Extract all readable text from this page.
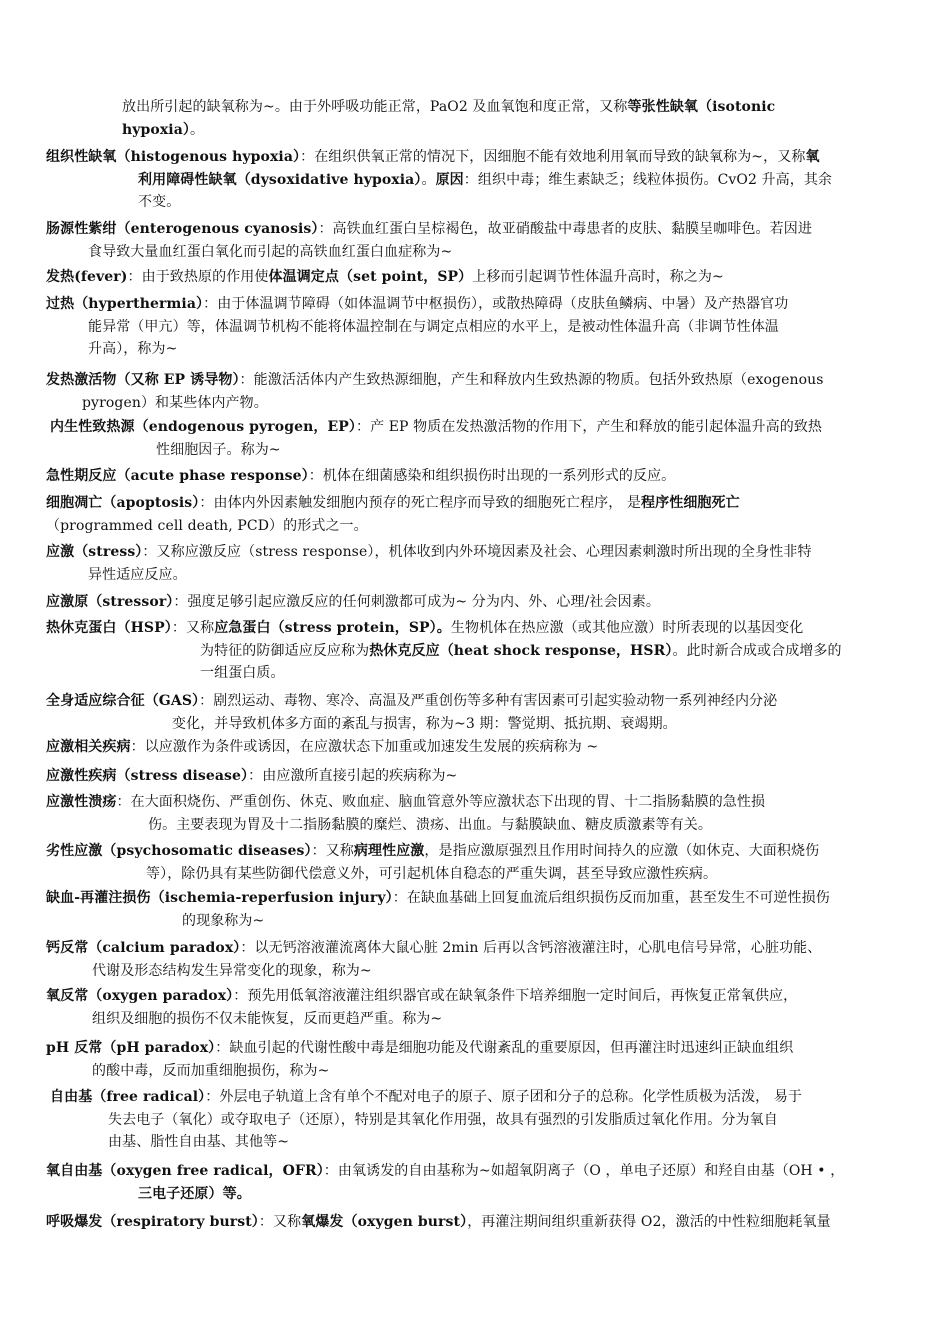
放出所引起的缺氧称为~。由于外呼吸功能正常，PaO2 及血氧饱和度正常，又称等张性缺氧（isotonic
hypoxia）。
组织性缺氧（histogenous hypoxia）：在组织供氧正常的情况下，因细胞不能有效地利用氧而导致的缺氧称为~，又称氧
利用障碍性缺氧（dysoxidative hypoxia）。原因：组织中毒；维生素缺乏；线粒体损伤。CvO2 升高，其余
不变。
肠源性紫绀（enterogenous cyanosis）：高铁血红蛋白呈棕褐色，故亚硝酸盐中毒患者的皮肤、黏膜呈咖啡色。若因进
食导致大量血红蛋白氧化而引起的高铁血红蛋白血症称为~
发热(fever)：由于致热原的作用使体温调定点（set point，SP）上移而引起调节性体温升高时，称之为~
过热（hyperthermia）：由于体温调节障碍（如体温调节中枢损伤），或散热障碍（皮肤鱼鳞病、中暑）及产热器官功
能异常（甲亢）等，体温调节机构不能将体温控制在与调定点相应的水平上，是被动性体温升高（非调节性体温
升高），称为~
发热激活物（又称 EP 诱导物）：能激活活体内产生致热源细胞，产生和释放内生致热源的物质。包括外致热原（exogenous
pyrogen）和某些体内产物。
内生性致热源（endogenous pyrogen，EP）：产 EP 物质在发热激活物的作用下，产生和释放的能引起体温升高的致热
性细胞因子。称为~
急性期反应（acute phase response）：机体在细菌感染和组织损伤时出现的一系列形式的反应。
细胞凋亡（apoptosis）：由体内外因素触发细胞内预存的死亡程序而导致的细胞死亡程序， 是程序性细胞死亡
（programmed cell death, PCD）的形式之一。
应激（stress）：又称应激反应（stress response），机体收到内外环境因素及社会、心理因素刺激时所出现的全身性非特
异性适应反应。
应激原（stressor）：强度足够引起应激反应的任何刺激都可成为~ 分为内、外、心理/社会因素。
热休克蛋白（HSP）：又称应急蛋白（stress protein，SP）。生物机体在热应激（或其他应激）时所表现的以基因变化
为特征的防御适应反应称为热休克反应（heat shock response，HSR）。此时新合成或合成增多的
一组蛋白质。
全身适应综合征（GAS）：剧烈运动、毒物、寒冷、高温及严重创伤等多种有害因素可引起实验动物一系列神经内分泌
变化，并导致机体多方面的紊乱与损害，称为~3 期：警觉期、抵抗期、衰竭期。
应激相关疾病：以应激作为条件或诱因，在应激状态下加重或加速发生发展的疾病称为 ~
应激性疾病（stress disease）：由应激所直接引起的疾病称为~
应激性溃疡：在大面积烧伤、严重创伤、休克、败血症、脑血管意外等应激状态下出现的胃、十二指肠黏膜的急性损
伤。主要表现为胃及十二指肠黏膜的糜烂、溃疡、出血。与黏膜缺血、糖皮质激素等有关。
劣性应激（psychosomatic diseases）：又称病理性应激，是指应激原强烈且作用时间持久的应激（如休克、大面积烧伤
等），除仍具有某些防御代偿意义外，可引起机体自稳态的严重失调，甚至导致应激性疾病。
缺血-再灌注损伤（ischemia-reperfusion injury）：在缺血基础上回复血流后组织损伤反而加重，甚至发生不可逆性损伤
的现象称为~
钙反常（calcium paradox）：以无钙溶液灌流离体大鼠心脏 2min 后再以含钙溶液灌注时，心肌电信号异常，心脏功能、
代谢及形态结构发生异常变化的现象，称为~
氧反常（oxygen paradox）：预先用低氧溶液灌注组织器官或在缺氧条件下培养细胞一定时间后，再恢复正常氧供应，
组织及细胞的损伤不仅未能恢复，反而更趋严重。称为~
pH 反常（pH paradox）：缺血引起的代谢性酸中毒是细胞功能及代谢紊乱的重要原因，但再灌注时迅速纠正缺血组织
的酸中毒，反而加重细胞损伤，称为~
自由基（free radical）：外层电子轨道上含有单个不配对电子的原子、原子团和分子的总称。化学性质极为活泼， 易于
失去电子（氧化）或夺取电子（还原），特别是其氧化作用强，故具有强烈的引发脂质过氧化作用。分为氧自
由基、脂性自由基、其他等~
氧自由基（oxygen free radical，OFR）：由氧诱发的自由基称为~如超氧阴离子（O ，单电子还原）和羟自由基（OH • ，
三电子还原）等。
呼吸爆发（respiratory burst）：又称氧爆发（oxygen burst），再灌注期间组织重新获得 O2，激活的中性粒细胞耗氧量
